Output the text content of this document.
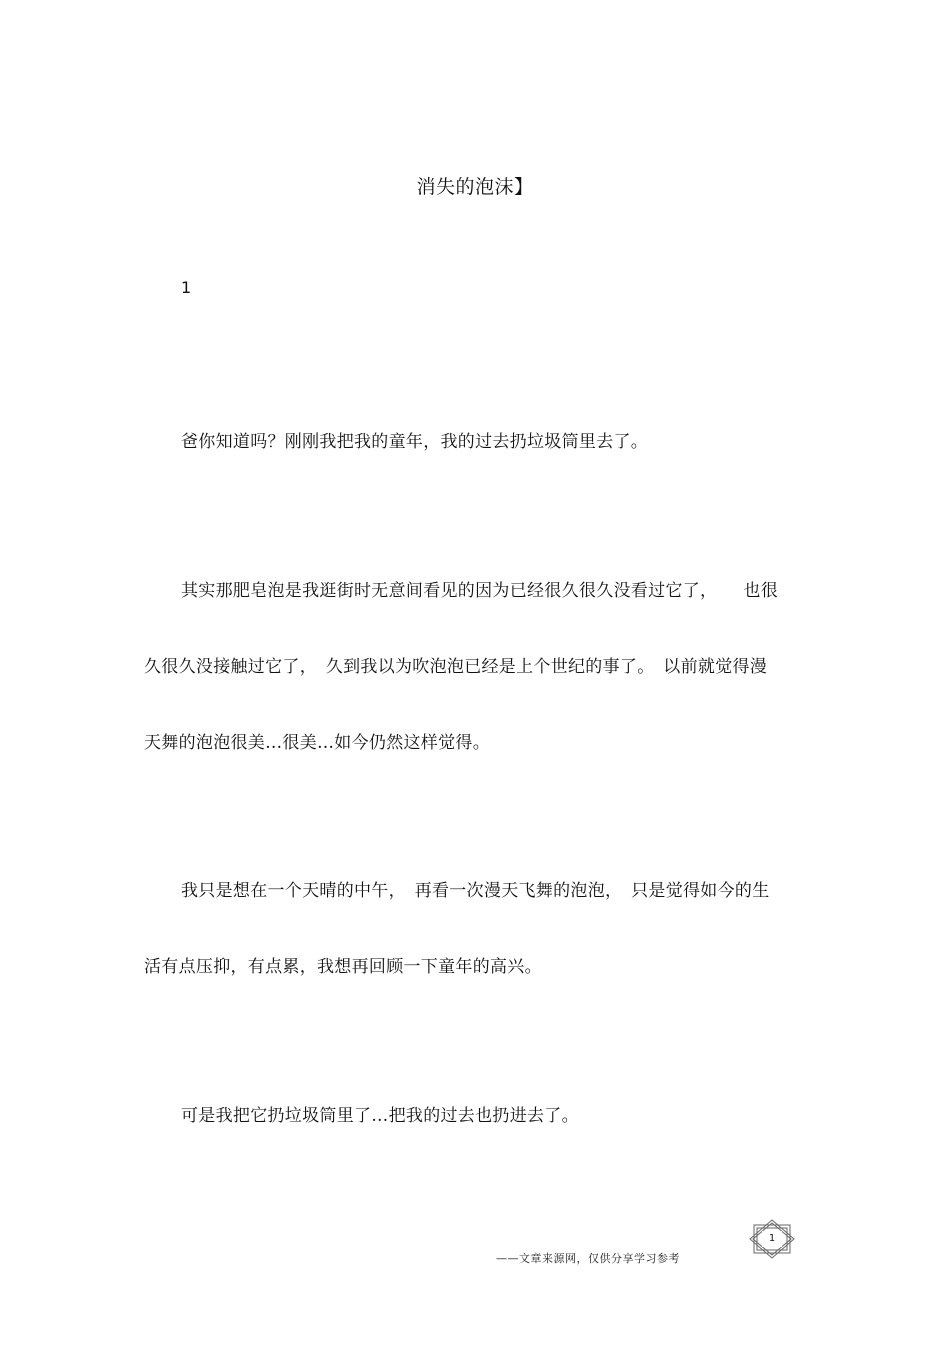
消失的泡沫】
1
爸你知道吗？刚刚我把我的童年，我的过去扔垃圾筒里去了。
其实那肥皂泡是我逛街时无意间看见的因为已经很久很久没看过它了，　　也很
久很久没接触过它了，　久到我以为吹泡泡已经是上个世纪的事了。　以前就觉得漫
天舞的泡泡很美…很美…如今仍然这样觉得。
我只是想在一个天晴的中午，　再看一次漫天飞舞的泡泡，　只是觉得如今的生
活有点压抑，有点累，我想再回顾一下童年的高兴。
可是我把它扔垃圾筒里了…把我的过去也扔进去了。
——文章来源网，仅供分享学习参考
1
